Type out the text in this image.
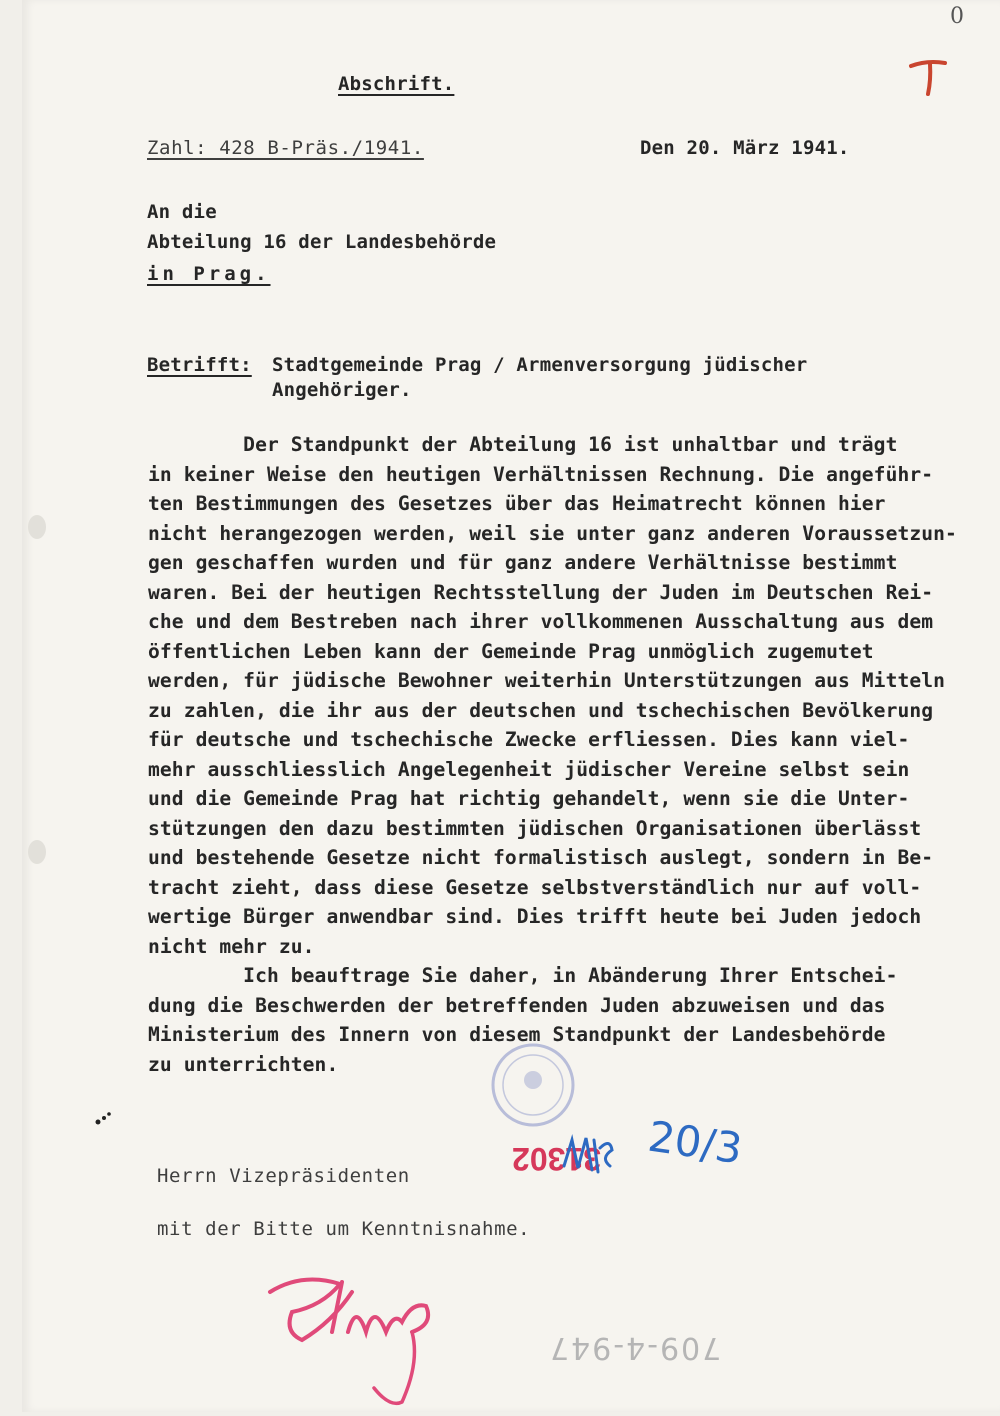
0

Abschrift.

Zahl: 428 B-Präs./1941.	Den 20. März 1941.

An die

Abteilung 16 der Landesbehörde

in Prag.

Betrifft: Stadtgemeinde Prag / Armenversorgung jüdischer
Angehöriger.

Der Standpunkt der Abteilung 16 ist unhaltbar und trägt
in keiner Weise den heutigen Verhältnissen Rechnung. Die angeführ-
ten Bestimmungen des Gesetzes über das Heimatrecht können hier
nicht herangezogen werden, weil sie unter ganz anderen Voraussetzun-
gen geschaffen wurden und für ganz andere Verhältnisse bestimmt
waren. Bei der heutigen Rechtsstellung der Juden im Deutschen Rei-
che und dem Bestreben nach ihrer vollkommenen Ausschaltung aus dem
öffentlichen Leben kann der Gemeinde Prag unmöglich zugemutet
werden, für jüdische Bewohner weiterhin Unterstützungen aus Mitteln
zu zahlen, die ihr aus der deutschen und tschechischen Bevölkerung
für deutsche und tschechische Zwecke erfliessen. Dies kann viel-
mehr ausschliesslich Angelegenheit jüdischer Vereine selbst sein
und die Gemeinde Prag hat richtig gehandelt, wenn sie die Unter-
stützungen den dazu bestimmten jüdischen Organisationen überlässt
und bestehende Gesetze nicht formalistisch auslegt, sondern in Be-
tracht zieht, dass diese Gesetze selbstverständlich nur auf voll-
wertige Bürger anwendbar sind. Dies trifft heute bei Juden jedoch
nicht mehr zu.
Ich beauftrage Sie daher, in Abänderung Ihrer Entschei-
dung die Beschwerden der betreffenden Juden abzuweisen und das
Ministerium des Innern von diesem Standpunkt der Landesbehörde
zu unterrichten.

Herrn Vizepräsidenten

mit der Bitte um Kenntnisnahme.

31302 20/3
709-4-947
